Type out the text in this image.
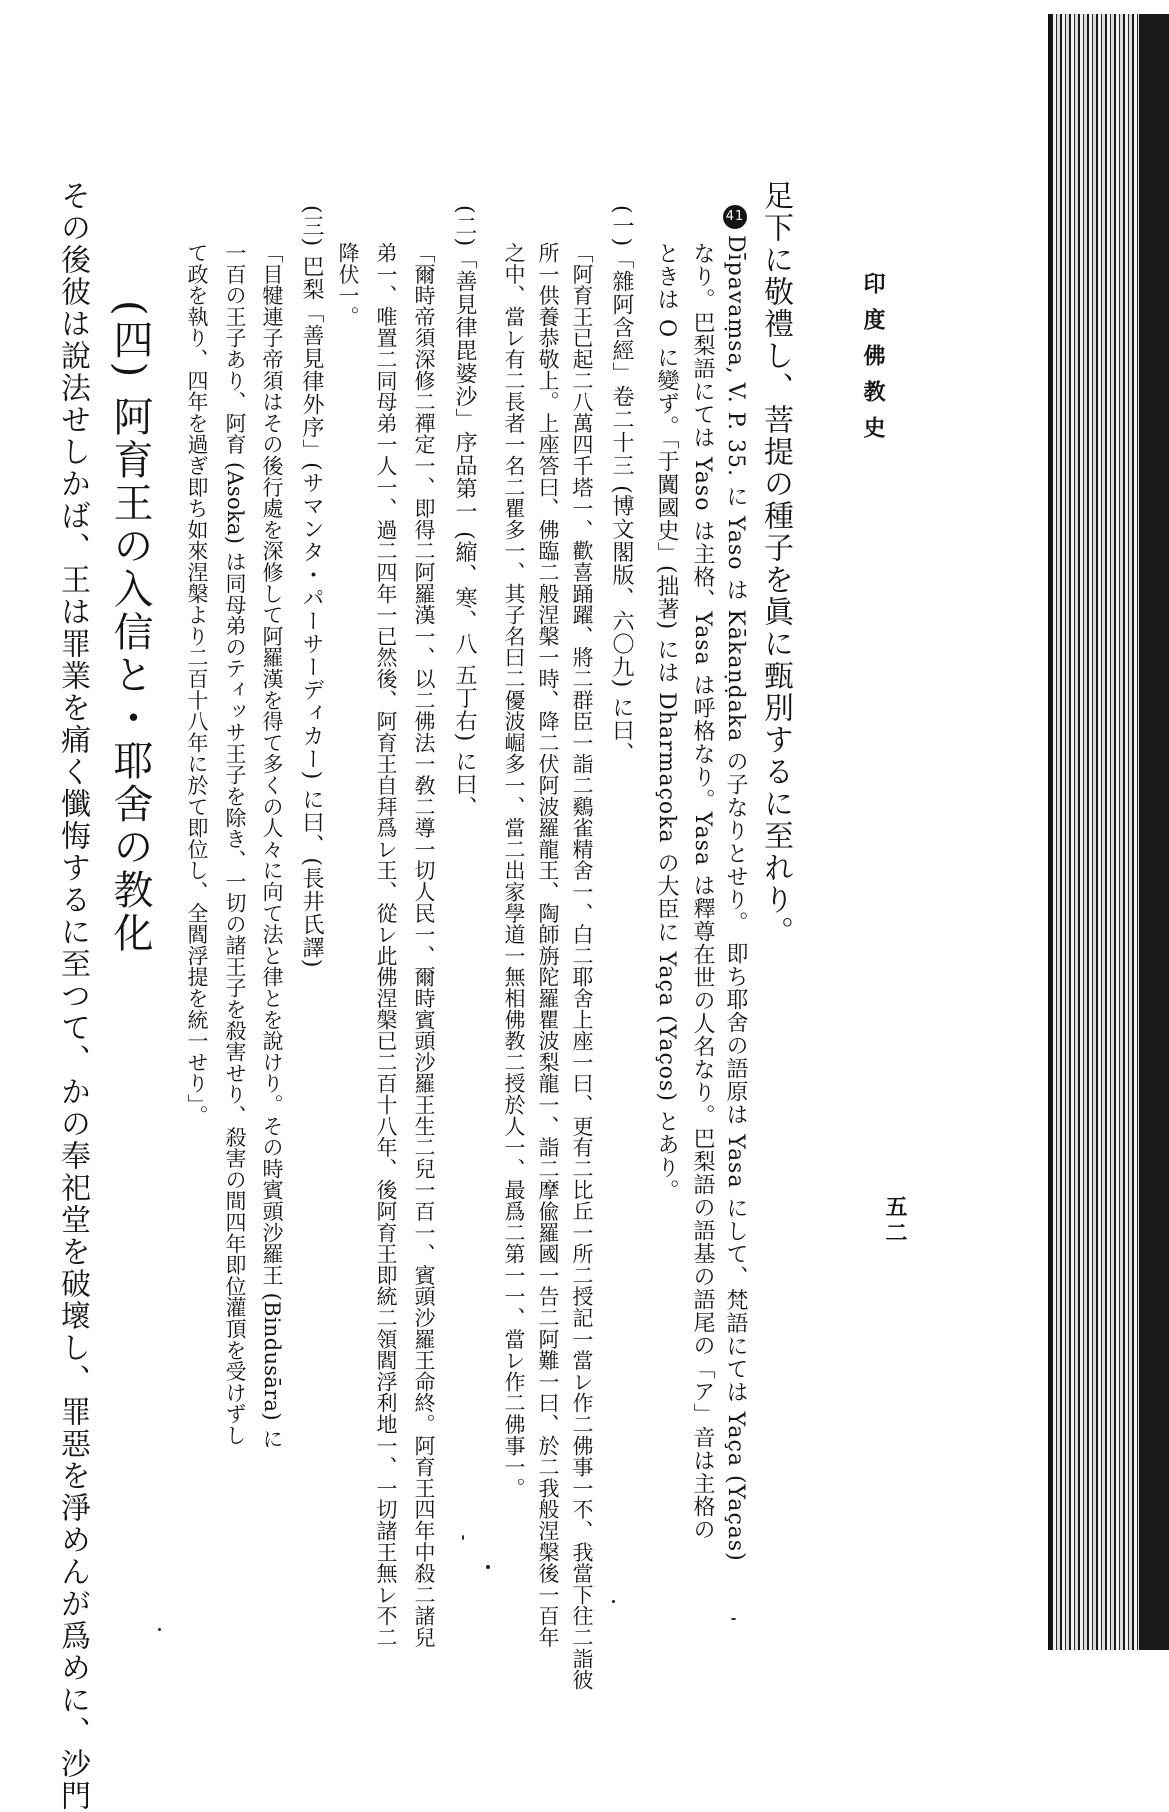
印度佛教史
五二
足下に敬禮し、菩提の種子を眞に甄別するに至れり。
41Dīpavaṃsa, V. P. 35. に Yaso は Kākaṇḍaka の子なりとせり。 即ち耶舍の語原は Yasa にして、梵語にては Yaça (Yaças)
なり。巴梨語にては Yaso は主格、Yasa は呼格なり。Yasa は釋尊在世の人名なり。巴梨語の語基の語尾の「ア」音は主格の
ときは O に變ず。「于闐國史」(拙著) には Dharmaçoka の大臣に Yaça (Yaços) とあり。
(一)「雜阿含經」卷二十三 (博文閣版、六〇九) に曰、
「阿育王已起二八萬四千塔一、歡喜踊躍、將二群臣一詣二鷄雀精舍一、白二耶舍上座一曰、更有二比丘一所二授記一當レ作二佛事一不、我當下往二詣彼
所一供養恭敬上。上座答曰、佛臨二般涅槃一時、降二伏阿波羅龍王、陶師旃陀羅瞿波梨龍一、詣二摩偸羅國一告二阿難一曰、於二我般涅槃後一百年
之中、當レ有二長者一名二瞿多一、其子名曰二優波崛多一、當二出家學道一無相佛教二授於人一、最爲二第一一、當レ作二佛事一。
(二)「善見律毘婆沙」序品第一 (縮、寒、八 五丁右) に曰、
「爾時帝須深修二禪定一、即得二阿羅漢一、以二佛法一敎二導一切人民一、爾時賓頭沙羅王生二兒一百一、賓頭沙羅王命終。阿育王四年中殺二諸兒
弟一、唯置二同母弟一人一、過二四年一已然後、阿育王自拜爲レ王、從レ此佛涅槃已二百十八年、後阿育王即統二領閻浮利地一、一切諸王無レ不二
降伏一。
(三) 巴梨「善見律外序」(サマンタ・パーサーディカー) に曰、(長井氏譯)
「目犍連子帝須はその後行處を深修して阿羅漢を得て多くの人々に向て法と律とを說けり。その時賓頭沙羅王 (Bindusāra) に
一百の王子あり、阿育 (Asoka) は同母弟のティッサ王子を除き、一切の諸王子を殺害せり、殺害の間四年即位灌頂を受けずし
て政を執り、四年を過ぎ即ち如來涅槃より二百十八年に於て即位し、全閻浮提を統一せり」。
(四) 阿育王の入信と・耶舍の教化
その後彼は說法せしかば、王は罪業を痛く懺悔するに至つて、かの奉祀堂を破壞し、罪惡を淨めんが爲めに、沙門
